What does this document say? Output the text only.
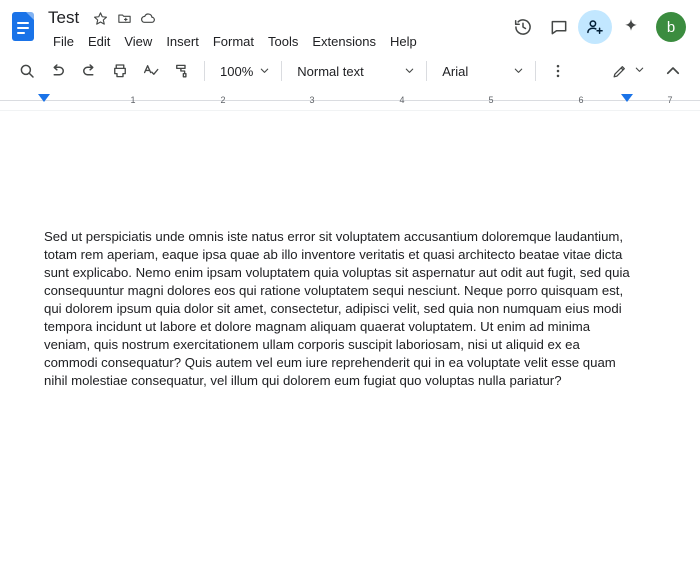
Test
File	Edit	View	Insert	Format	Tools	Extensions	Help
b
100%	Normal text	Arial
1	2	3	4	5	6	7

Sed ut perspiciatis unde omnis iste natus error sit voluptatem accusantium doloremque laudantium, totam rem aperiam, eaque ipsa quae ab illo inventore veritatis et quasi architecto beatae vitae dicta sunt explicabo. Nemo enim ipsam voluptatem quia voluptas sit aspernatur aut odit aut fugit, sed quia consequuntur magni dolores eos qui ratione voluptatem sequi nesciunt. Neque porro quisquam est, qui dolorem ipsum quia dolor sit amet, consectetur, adipisci velit, sed quia non numquam eius modi tempora incidunt ut labore et dolore magnam aliquam quaerat voluptatem. Ut enim ad minima veniam, quis nostrum exercitationem ullam corporis suscipit laboriosam, nisi ut aliquid ex ea commodi consequatur? Quis autem vel eum iure reprehenderit qui in ea voluptate velit esse quam nihil molestiae consequatur, vel illum qui dolorem eum fugiat quo voluptas nulla pariatur?
